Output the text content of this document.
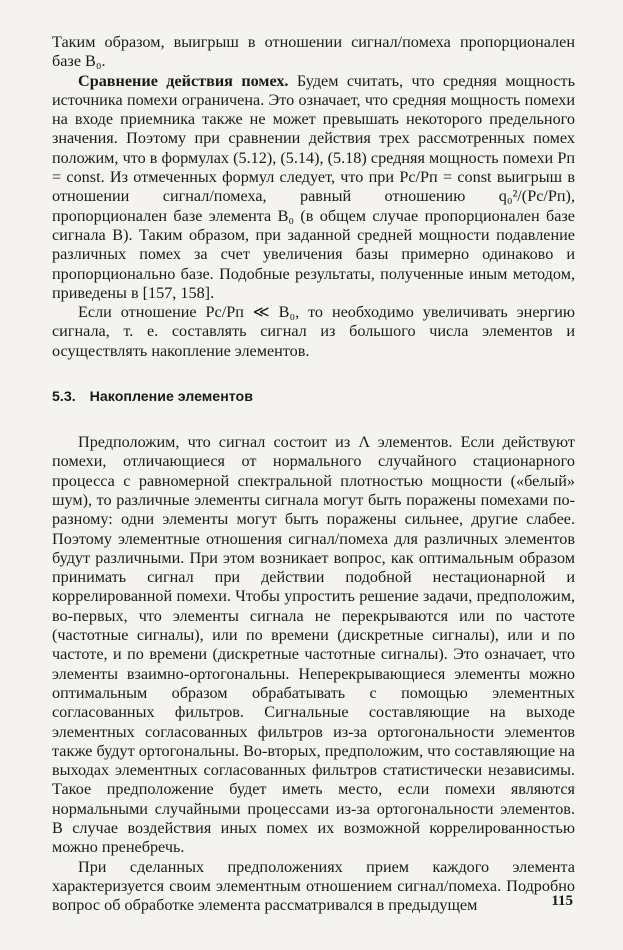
Таким образом, выигрыш в отношении сигнал/помеха пропорционален базе B₀.

Сравнение действия помех. Будем считать, что средняя мощность источника помехи ограничена. Это означает, что средняя мощность помехи на входе приемника также не может превышать некоторого предельного значения. Поэтому при сравнении действия трех рассмотренных помех положим, что в формулах (5.12), (5.14), (5.18) средняя мощность помехи Pп = const. Из отмеченных формул следует, что при Pс/Pп = const выигрыш в отношении сигнал/помеха, равный отношению q₀²/(Pс/Pп), пропорционален базе элемента B₀ (в общем случае пропорционален базе сигнала B). Таким образом, при заданной средней мощности подавление различных помех за счет увеличения базы примерно одинаково и пропорционально базе. Подобные результаты, полученные иным методом, приведены в [157, 158].

Если отношение Pс/Pп ≪ B₀, то необходимо увеличивать энергию сигнала, т. е. составлять сигнал из большого числа элементов и осуществлять накопление элементов.

5.3. Накопление элементов

Предположим, что сигнал состоит из Λ элементов. Если действуют помехи, отличающиеся от нормального случайного стационарного процесса с равномерной спектральной плотностью мощности («белый» шум), то различные элементы сигнала могут быть поражены помехами по-разному: одни элементы могут быть поражены сильнее, другие слабее. Поэтому элементные отношения сигнал/помеха для различных элементов будут различными. При этом возникает вопрос, как оптимальным образом принимать сигнал при действии подобной нестационарной и коррелированной помехи. Чтобы упростить решение задачи, предположим, во-первых, что элементы сигнала не перекрываются или по частоте (частотные сигналы), или по времени (дискретные сигналы), или и по частоте, и по времени (дискретные частотные сигналы). Это означает, что элементы взаимно-ортогональны. Неперекрывающиеся элементы можно оптимальным образом обрабатывать с помощью элементных согласованных фильтров. Сигнальные составляющие на выходе элементных согласованных фильтров из-за ортогональности элементов также будут ортогональны. Во-вторых, предположим, что составляющие на выходах элементных согласованных фильтров статистически независимы. Такое предположение будет иметь место, если помехи являются нормальными случайными процессами из-за ортогональности элементов. В случае воздействия иных помех их возможной коррелированностью можно пренебречь.

При сделанных предположениях прием каждого элемента характеризуется своим элементным отношением сигнал/помеха. Подробно вопрос об обработке элемента рассматривался в предыдущем	115
